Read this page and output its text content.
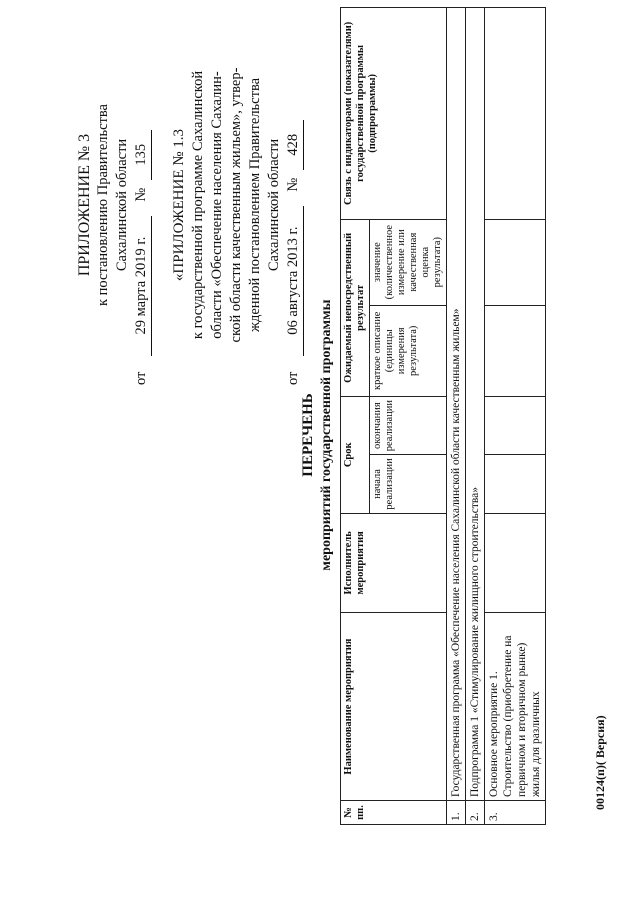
ПРИЛОЖЕНИЕ № 3 к постановлению Правительства Сахалинской области
от
29 марта 2019 г.
№
135 «ПРИЛОЖЕНИЕ № 1.3 к государственной программе Сахалинской области «Обеспечение населения Сахалин- ской области качественным жильем», утвер- жденной постановлением Правительства Сахалинской области
от
06 августа 2013 г.
№
428
ПЕРЕЧЕНЬ мероприятий государственной программы
№ пп.	Наименование мероприятия	Исполнитель мероприятия	Срок		Ожидаемый непосредственный результат		Связь с индикаторами (показателями) государственной программы (подпрограммы)
			начала реализации	окончания реализации	краткое описание (единицы измерения результата)	значение (количественное измерение или качественная оценка результата)	
1.	Государственная программа «Обеспечение населения Сахалинской области качественным жильем»						
2.	Подпрограмма 1 «Стимулирование жилищного строительства»						
3.	Основное мероприятие 1. Строительство (приобретение на первичном и вторичном рынке) жилья для различных							00124(п)( Версия)
